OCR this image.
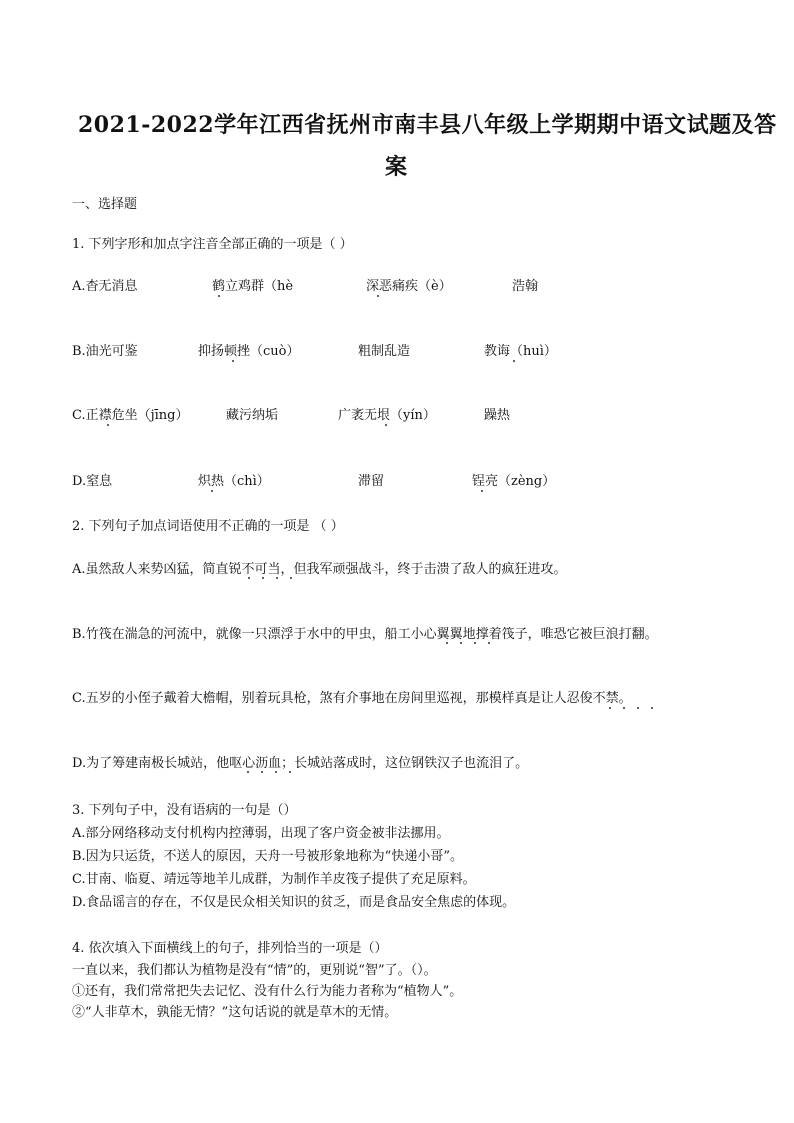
2021-2022学年江西省抚州市南丰县八年级上学期期中语文试题及答
案
一、选择题
1. 下列字形和加点字注音全部正确的一项是（ ）
A.杳无消息	鹤立鸡群（hè	深恶痛疾（è）	浩翰
B.油光可鉴	抑扬顿挫（cuò）	粗制乱造	教诲（huì）
C.正襟危坐（jīng）	藏污纳垢	广袤无垠（yín）	躁热
D.窒息	炽热（chì）	滞留	锃亮（zèng）
2. 下列句子加点词语使用不正确的一项是 （ ）
A.虽然敌人来势凶猛，简直锐不可当，但我军顽强战斗，终于击溃了敌人的疯狂进攻。
B.竹筏在湍急的河流中，就像一只漂浮于水中的甲虫，船工小心翼翼地撑着筏子，唯恐它被巨浪打翻。
C.五岁的小侄子戴着大檐帽，别着玩具枪，煞有介事地在房间里巡视，那模样真是让人忍俊不禁。
D.为了筹建南极长城站，他呕心沥血；长城站落成时，这位钢铁汉子也流泪了。
3. 下列句子中，没有语病的一句是（）
A.部分网络移动支付机构内控薄弱，出现了客户资金被非法挪用。
B.因为只运货，不送人的原因，天舟一号被形象地称为“快递小哥”。
C.甘南、临夏、靖远等地羊儿成群，为制作羊皮筏子提供了充足原料。
D.食品谣言的存在，不仅是民众相关知识的贫乏，而是食品安全焦虑的体现。
4. 依次填入下面横线上的句子，排列恰当的一项是（）
一直以来，我们都认为植物是没有“情”的，更别说“智”了。（）。
①还有，我们常常把失去记忆、没有什么行为能力者称为“植物人”。
②“人非草木，孰能无情？”这句话说的就是草木的无情。
